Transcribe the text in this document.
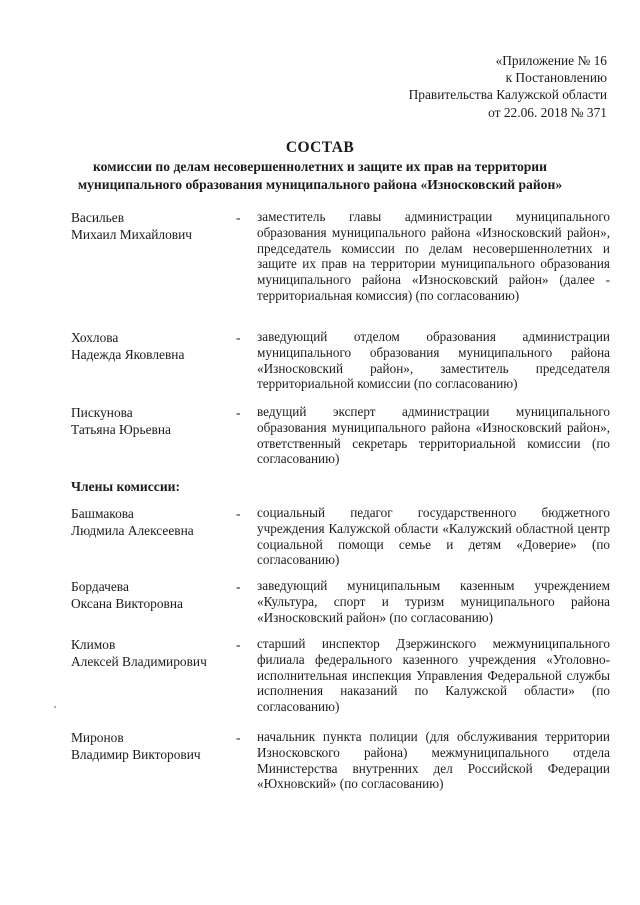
«Приложение № 16
к Постановлению
Правительства Калужской области
от 22.06. 2018 № 371
СОСТАВ
комиссии по делам несовершеннолетних и защите их прав на территории
муниципального образования муниципального района «Износковский район»
Васильев
Михаил Михайлович
- заместитель главы администрации муниципального образования муниципального района «Износковский район», председатель комиссии по делам несовершеннолетних и защите их прав на территории муниципального образования муниципального района «Износковский район» (далее - территориальная комиссия) (по согласованию)
Хохлова
Надежда Яковлевна
- заведующий отделом образования администрации муниципального образования муниципального района «Износковский район», заместитель председателя территориальной комиссии (по согласованию)
Пискунова
Татьяна Юрьевна
- ведущий эксперт администрации муниципального образования муниципального района «Износковский район», ответственный секретарь территориальной комиссии (по согласованию)
Члены комиссии:
Башмакова
Людмила Алексеевна
- социальный педагог государственного бюджетного учреждения Калужской области «Калужский областной центр социальной помощи семье и детям «Доверие» (по согласованию)
Бордачева
Оксана Викторовна
- заведующий муниципальным казенным учреждением «Культура, спорт и туризм муниципального района «Износковский район» (по согласованию)
Климов
Алексей Владимирович
- старший инспектор Дзержинского межмуниципального филиала федерального казенного учреждения «Уголовно-исполнительная инспекция Управления Федеральной службы исполнения наказаний по Калужской области» (по согласованию)
Миронов
Владимир Викторович
- начальник пункта полиции (для обслуживания территории Износковского района) межмуниципального отдела Министерства внутренних дел Российской Федерации «Юхновский» (по согласованию)
